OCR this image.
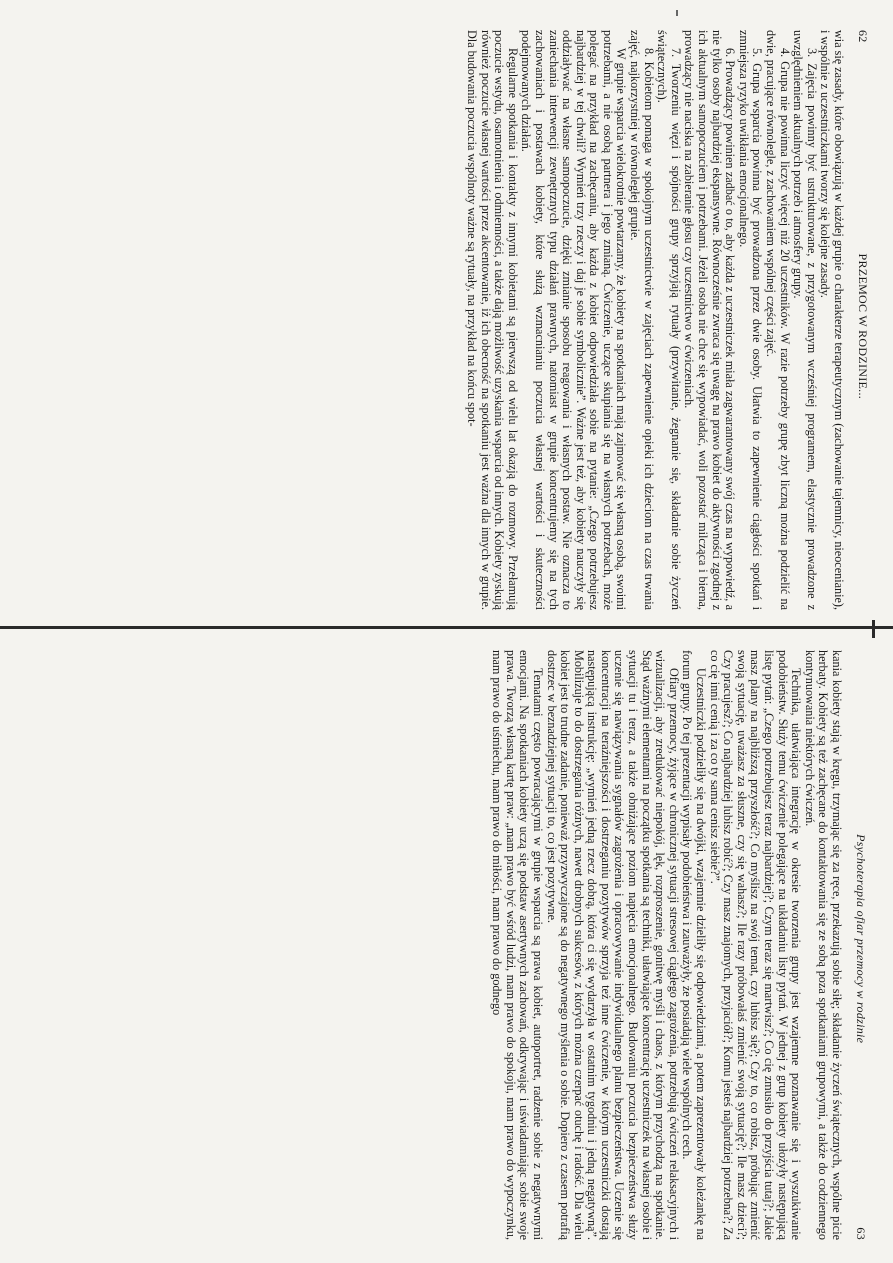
62
PRZEMOC W RODZINIE...

wia się zasady, które obowiązują w każdej grupie o charakterze terapeutycznym (zachowanie tajemnicy, nieocenianie), i wspólnie z uczestniczkami tworzy się kolejne zasady.

3. Zajęcia powinny być ustrukturowane, z przygotowanym wcześniej programem, elastycznie prowadzone z uwzględnieniem aktualnych potrzeb i atmosfery grupy.

4. Grupa nie powinna liczyć więcej niż 20 uczestników. W razie potrzeby grupę zbyt liczną można podzielić na dwie, pracujące równolegle, z zachowaniem wspólnej części zajęć.

5. Grupa wsparcia powinna być prowadzona przez dwie osoby. Ułatwia to zapewnienie ciągłości spotkań i zmniejsza ryzyko uwikłania emocjonalnego.

6. Prowadzący powinien zadbać o to, aby każda z uczestniczek miała zagwarantowany swój czas na wypowiedź, a nie tylko osoby najbardziej ekspansywne. Równocześnie zwraca się uwagę na prawo kobiet do aktywności zgodnej z ich aktualnym samopoczuciem i potrzebami. Jeżeli osoba nie chce się wypowiadać, woli pozostać milcząca i bierna, prowadzący nie naciska na zabieranie głosu czy uczestnictwo w ćwiczeniach.

7. Tworzeniu więzi i spójności grupy sprzyjają rytuały (przywitanie, żegnanie się, składanie sobie życzeń świątecznych).

8. Kobietom pomaga w spokojnym uczestnictwie w zajęciach zapewnienie opieki ich dzieciom na czas trwania zajęć, najkorzystniej w równoległej grupie.

W grupie wsparcia wielokrotnie powtarzamy, że kobiety na spotkaniach mają zajmować się własną osobą, swoimi potrzebami, a nie osobą partnera i jego zmianą. Ćwiczenie, uczące skupiania się na własnych potrzebach, może polegać na przykład na zachęcaniu, aby każda z kobiet odpowiedziała sobie na pytanie: „Czego potrzebujesz najbardziej w tej chwili? Wymień trzy rzeczy i daj je sobie symbolicznie”. Ważne jest też, aby kobiety nauczyły się oddziaływać na własne samopoczucie, dzięki zmianie sposobu reagowania i własnych postaw. Nie oznacza to zaniechania interwencji zewnętrznych typu działań prawnych, natomiast w grupie koncentrujemy się na tych zachowaniach i postawach kobiety, które służą wzmacnianiu poczucia własnej wartości i skuteczności podejmowanych działań.

Regularne spotkania i kontakty z innymi kobietami są pierwszą od wielu lat okazją do rozmowy. Przełamują poczucie wstydu, osamotnienia i odmienności, a także dają możliwość uzyskania wsparcia od innych. Kobiety zyskują również poczucie własnej wartości przez akcentowanie, iż ich obecność na spotkaniu jest ważna dla innych w grupie. Dla budowania poczucia wspólnoty ważne są rytuały, na przykład na końcu spot-

Psychoterapia ofiar przemocy w rodzinie
63

kania kobiety stają w kręgu, trzymając się za ręce, przekazują sobie siłę; składanie życzeń świątecznych, wspólne picie herbaty. Kobiety są też zachęcane do kontaktowania się ze sobą poza spotkaniami grupowymi, a także do codziennego kontynuowania niektórych ćwiczeń.

Technika, ułatwiająca integrację w okresie tworzenia grupy jest wzajemne poznawanie się i wyszukiwanie podobieństw. Służy temu ćwiczenie polegające na układaniu listy pytań. W jednej z grup kobiety ułożyły następującą listę pytań: „Czego potrzebujesz teraz najbardziej?; Czym teraz się martwisz?; Co cię zmusiło do przyjścia tutaj?; Jakie masz plany na najbliższą przyszłość?; Co myślisz na swój temat, czy lubisz się?; Czy to, co robisz, próbując zmienić swoją sytuację, uważasz za słuszne, czy się wahasz?; Ile razy próbowałaś zmienić swoją sytuację?; Ile masz dzieci?; Czy pracujesz?; Co najbardziej lubisz robić?; Czy masz znajomych, przyjaciół?; Komu jesteś najbardziej potrzebna?; Za co cię inni cenią i za co ty sama cenisz siebie?”.

Uczestniczki podzieliły się na dwójki, wzajemnie dzieliły się odpowiedziami, a potem zaprezentowały koleżankę na forum grupy. Po tej prezentacji wypisały podobieństwa i zauważyły, że posiadają wiele wspólnych cech.

Ofiary przemocy, żyjące w chronicznej sytuacji stresowej ciągłego zagrożenia, potrzebują ćwiczeń relaksacyjnych i wizualizacji, aby zredukować niepokój, lęk, rozproszenie, gonitwę myśli i chaos, z którym przychodzą na spotkanie. Stąd ważnymi elementami na początku spotkania są techniki, ułatwiające koncentrację uczestniczek na własnej osobie i sytuacji tu i teraz, a także obniżające poziom napięcia emocjonalnego. Budowaniu poczucia bezpieczeństwa służy uczenie się nawiązywania sygnałów zagrożenia i opracowywanie indywidualnego planu bezpieczeństwa. Uczenie się koncentracji na teraźniejszości i dostrzeganiu pozytywów sprzyja też inne ćwiczenie, w którym uczestniczki dostają następującą instrukcję: „wymień jedną rzecz dobrą, która ci się wydarzyła w ostatnim tygodniu i jedną negatywną”. Mobilizuje to do dostrzegania różnych, nawet drobnych sukcesów, z których można czerpać otuchę i radość. Dla wielu kobiet jest to trudne zadanie, ponieważ przyzwyczajone są do negatywnego myślenia o sobie. Dopiero z czasem potrafią dostrzec w beznadziejnej sytuacji to, co jest pozytywne.

Tematami często powracającymi w grupie wsparcia są prawa kobiet, autoportret, radzenie sobie z negatywnymi emocjami. Na spotkaniach kobiety uczą się podstaw asertywnych zachowań, odkrywając i uświadamiając sobie swoje prawa. Tworzą własną kartę praw: „mam prawo być wśród ludzi, mam prawo do spokoju, mam prawo do wypoczynku, mam prawo do uśmiechu, mam prawo do miłości, mam prawo do godnego
